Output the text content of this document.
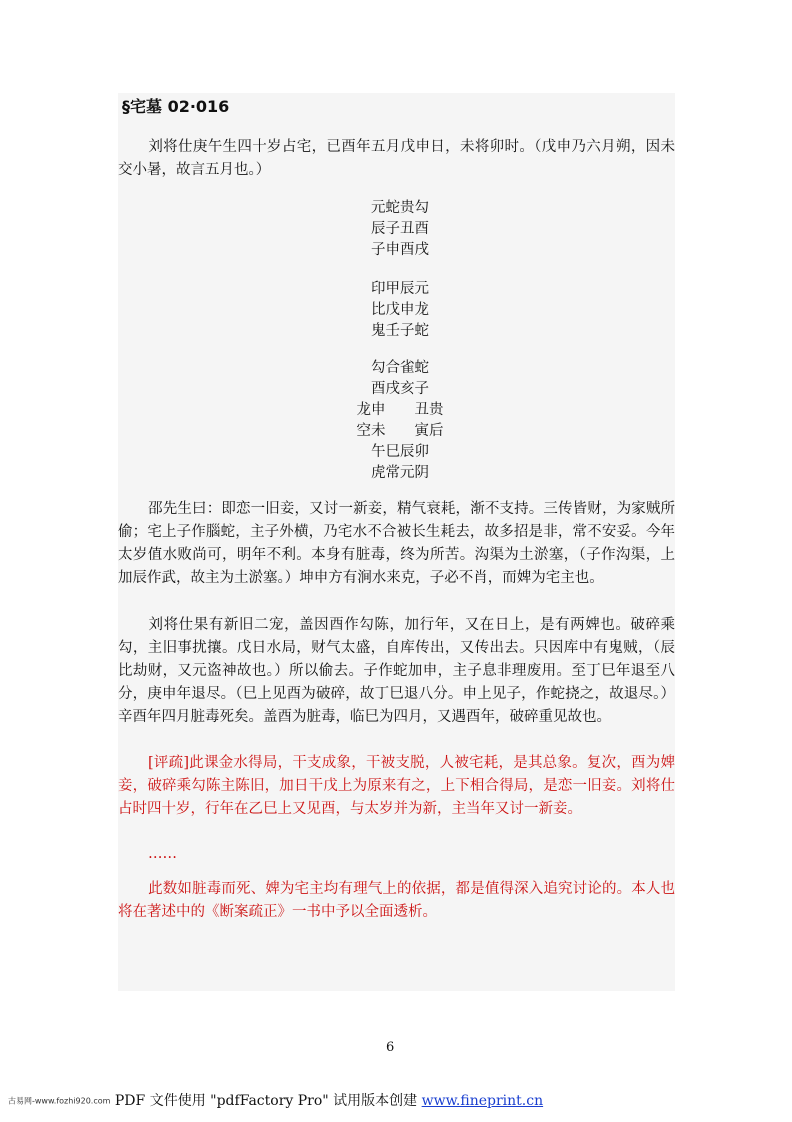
§宅墓 02·016

刘将仕庚午生四十岁占宅，已酉年五月戊申日，未将卯时。（戊申乃六月朔，因未交小暑，故言五月也。）

元蛇贵勾
辰子丑酉
子申酉戌
印甲辰元
比戊申龙
鬼壬子蛇
勾合雀蛇
酉戌亥子
龙申　　丑贵
空未　　寅后
午巳辰卯
虎常元阴

邵先生曰：即恋一旧妾，又讨一新妾，精气衰耗，渐不支持。三传皆财，为家贼所偷；宅上子作腦蛇，主子外横，乃宅水不合被长生耗去，故多招是非，常不安妥。今年太岁值水败尚可，明年不利。本身有脏毒，终为所苦。沟渠为土淤塞，（子作沟渠，上加辰作武，故主为土淤塞。）坤申方有涧水来克，子必不肖，而婢为宅主也。

刘将仕果有新旧二宠，盖因酉作勾陈，加行年，又在日上，是有两婢也。破碎乘勾，主旧事扰攘。戊日水局，财气太盛，自库传出，又传出去。只因库中有鬼贼，（辰比劫财，又元盗神故也。）所以偷去。子作蛇加申，主子息非理废用。至丁巳年退至八分，庚申年退尽。（巳上见酉为破碎，故丁巳退八分。申上见子，作蛇挠之，故退尽。）辛酉年四月脏毒死矣。盖酉为脏毒，临巳为四月，又遇酉年，破碎重见故也。

[评疏]此课金水得局，干支成象，干被支脱，人被宅耗，是其总象。复次，酉为婢妾，破碎乘勾陈主陈旧，加日干戊上为原来有之，上下相合得局，是恋一旧妾。刘将仕占时四十岁，行年在乙巳上又见酉，与太岁并为新，主当年又讨一新妾。

……

此数如脏毒而死、婢为宅主均有理气上的依据，都是值得深入追究讨论的。本人也将在著述中的《断案疏正》一书中予以全面透析。

6
古易网-www.fozhi920.com PDF 文件使用 "pdfFactory Pro" 试用版本创建 www.fineprint.cn
